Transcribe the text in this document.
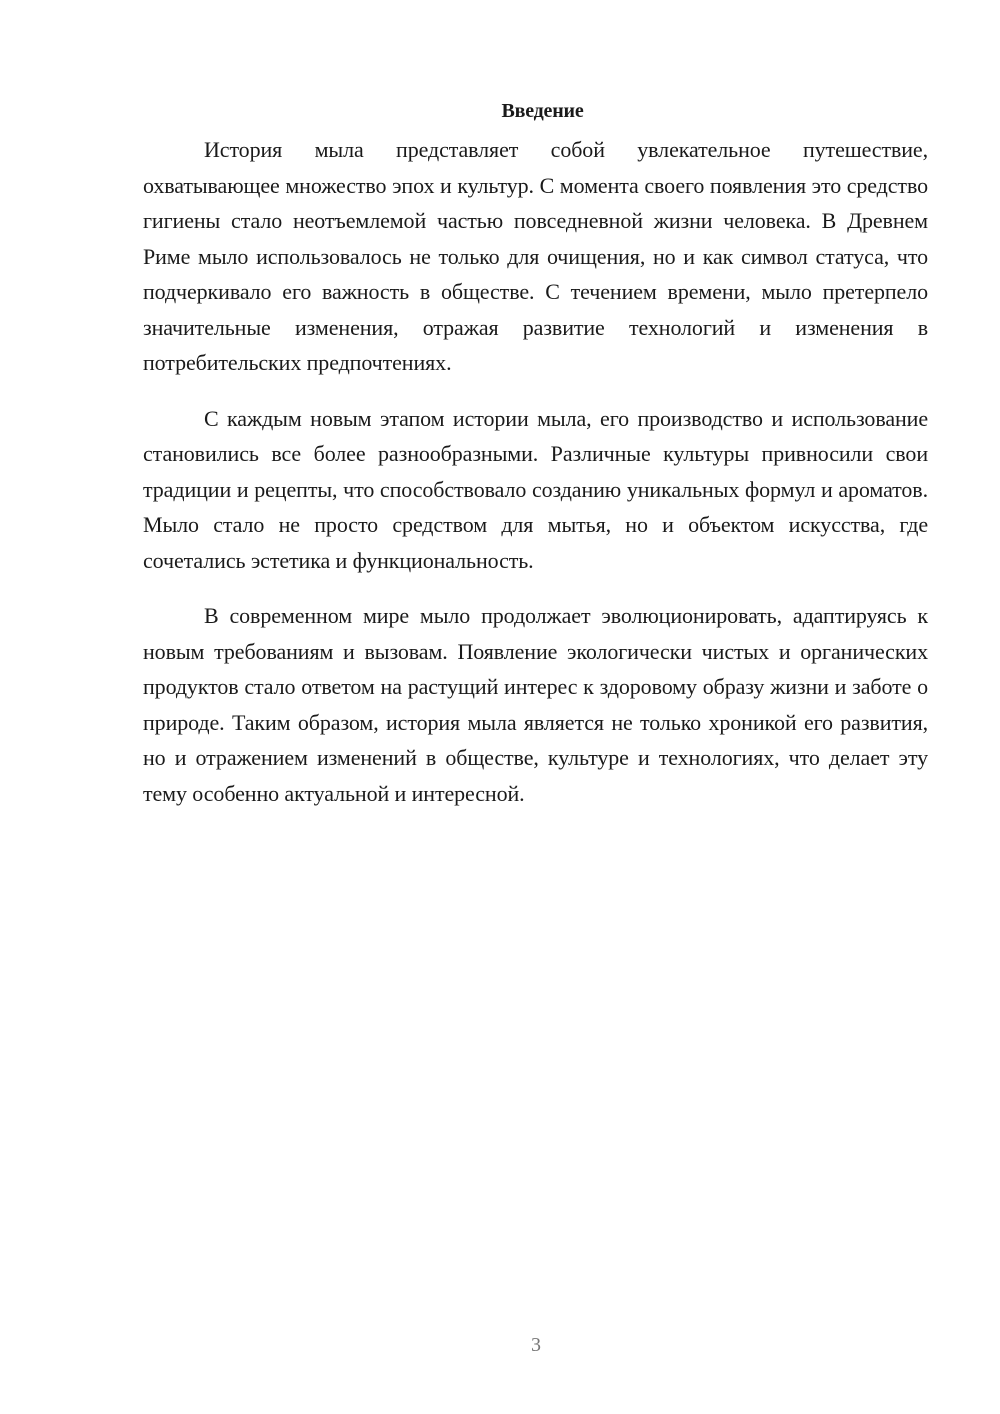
Введение

История мыла представляет собой увлекательное путешествие, охватывающее множество эпох и культур. С момента своего появления это средство гигиены стало неотъемлемой частью повседневной жизни человека. В Древнем Риме мыло использовалось не только для очищения, но и как символ статуса, что подчеркивало его важность в обществе. С течением времени, мыло претерпело значительные изменения, отражая развитие технологий и изменения в потребительских предпочтениях.

С каждым новым этапом истории мыла, его производство и использование становились все более разнообразными. Различные культуры привносили свои традиции и рецепты, что способствовало созданию уникальных формул и ароматов. Мыло стало не просто средством для мытья, но и объектом искусства, где сочетались эстетика и функциональность.

В современном мире мыло продолжает эволюционировать, адаптируясь к новым требованиям и вызовам. Появление экологически чистых и органических продуктов стало ответом на растущий интерес к здоровому образу жизни и заботе о природе. Таким образом, история мыла является не только хроникой его развития, но и отражением изменений в обществе, культуре и технологиях, что делает эту тему особенно актуальной и интересной.

3
